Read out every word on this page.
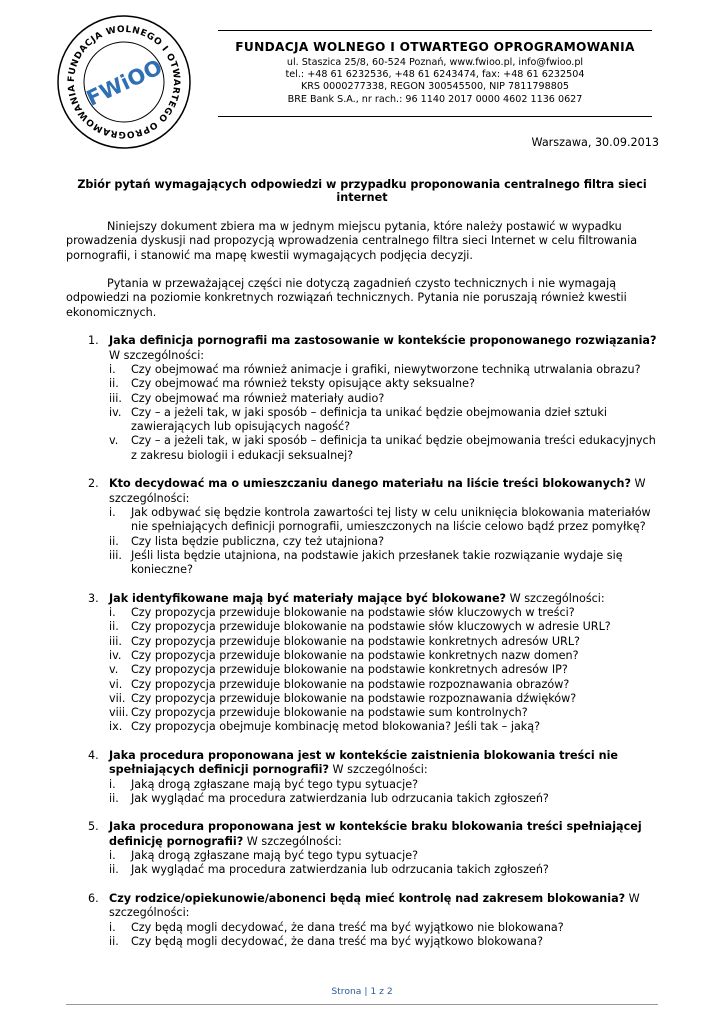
FUNDACJA WOLNEGO I OTWARTEGO OPROGRAMOWANIA FWiOO
FUNDACJA WOLNEGO I OTWARTEGO OPROGRAMOWANIA
ul. Staszica 25/8, 60-524 Poznań, www.fwioo.pl, info@fwioo.pl
tel.: +48 61 6232536, +48 61 6243474, fax: +48 61 6232504
KRS 0000277338, REGON 300545500, NIP 7811798805
BRE Bank S.A., nr rach.: 96 1140 2017 0000 4602 1136 0627
Warszawa, 30.09.2013
Zbiór pytań wymagających odpowiedzi w przypadku proponowania centralnego filtra sieci internet

Niniejszy dokument zbiera ma w jednym miejscu pytania, które należy postawić w wypadku prowadzenia dyskusji nad propozycją wprowadzenia centralnego filtra sieci Internet w celu filtrowania pornografii, i stanowić ma mapę kwestii wymagających podjęcia decyzji.

Pytania w przeważającej części nie dotyczą zagadnień czysto technicznych i nie wymagają odpowiedzi na poziomie konkretnych rozwiązań technicznych. Pytania nie poruszają również kwestii ekonomicznych.

1. Jaka definicja pornografii ma zastosowanie w kontekście proponowanego rozwiązania? W szczególności:
i. Czy obejmować ma również animacje i grafiki, niewytworzone techniką utrwalania obrazu?
ii. Czy obejmować ma również teksty opisujące akty seksualne?
iii. Czy obejmować ma również materiały audio?
iv. Czy – a jeżeli tak, w jaki sposób – definicja ta unikać będzie obejmowania dzieł sztuki zawierających lub opisujących nagość?
v. Czy – a jeżeli tak, w jaki sposób – definicja ta unikać będzie obejmowania treści edukacyjnych z zakresu biologii i edukacji seksualnej?
2. Kto decydować ma o umieszczaniu danego materiału na liście treści blokowanych? W szczególności:
i. Jak odbywać się będzie kontrola zawartości tej listy w celu uniknięcia blokowania materiałów nie spełniających definicji pornografii, umieszczonych na liście celowo bądź przez pomyłkę?
ii. Czy lista będzie publiczna, czy też utajniona?
iii. Jeśli lista będzie utajniona, na podstawie jakich przesłanek takie rozwiązanie wydaje się konieczne?
3. Jak identyfikowane mają być materiały mające być blokowane? W szczególności:
i. Czy propozycja przewiduje blokowanie na podstawie słów kluczowych w treści?
ii. Czy propozycja przewiduje blokowanie na podstawie słów kluczowych w adresie URL?
iii. Czy propozycja przewiduje blokowanie na podstawie konkretnych adresów URL?
iv. Czy propozycja przewiduje blokowanie na podstawie konkretnych nazw domen?
v. Czy propozycja przewiduje blokowanie na podstawie konkretnych adresów IP?
vi. Czy propozycja przewiduje blokowanie na podstawie rozpoznawania obrazów?
vii. Czy propozycja przewiduje blokowanie na podstawie rozpoznawania dźwięków?
viii. Czy propozycja przewiduje blokowanie na podstawie sum kontrolnych?
ix. Czy propozycja obejmuje kombinację metod blokowania? Jeśli tak – jaką?
4. Jaka procedura proponowana jest w kontekście zaistnienia blokowania treści nie spełniających definicji pornografii? W szczególności:
i. Jaką drogą zgłaszane mają być tego typu sytuacje?
ii. Jak wyglądać ma procedura zatwierdzania lub odrzucania takich zgłoszeń?
5. Jaka procedura proponowana jest w kontekście braku blokowania treści spełniającej definicję pornografii? W szczególności:
i. Jaką drogą zgłaszane mają być tego typu sytuacje?
ii. Jak wyglądać ma procedura zatwierdzania lub odrzucania takich zgłoszeń?
6. Czy rodzice/opiekunowie/abonenci będą mieć kontrolę nad zakresem blokowania? W szczególności:
i. Czy będą mogli decydować, że dana treść ma być wyjątkowo nie blokowana?
ii. Czy będą mogli decydować, że dana treść ma być wyjątkowo blokowana?
Strona | 1 z 2
